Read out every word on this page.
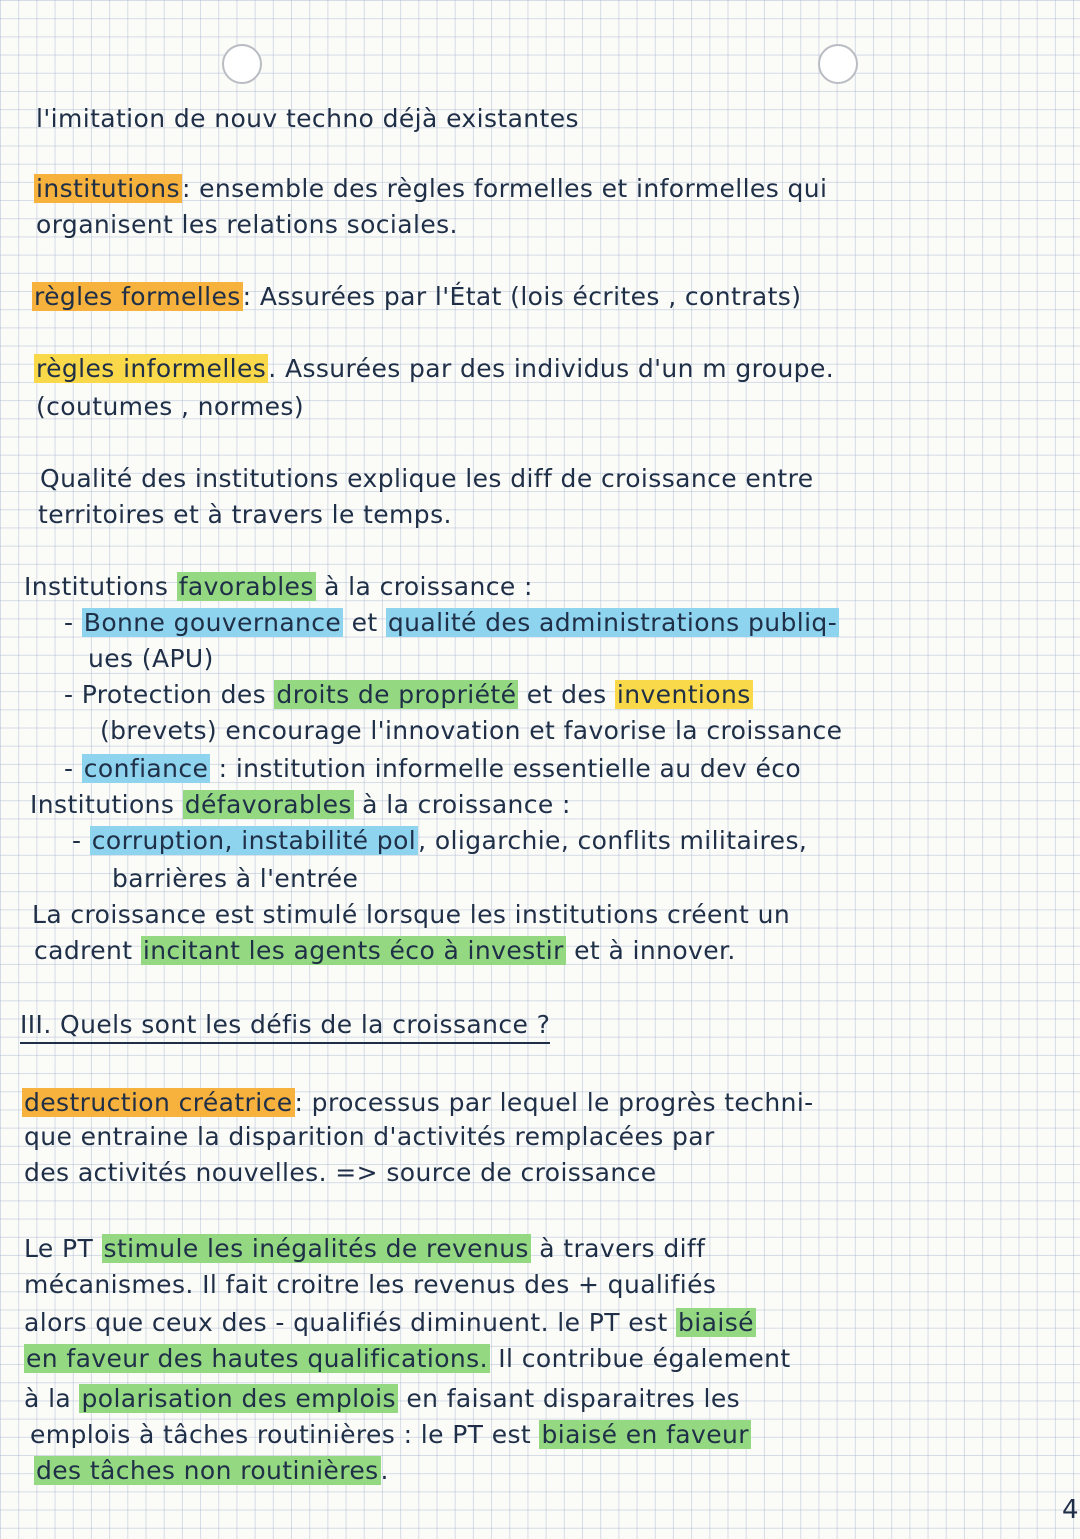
l'imitation de nouv techno déjà existantes
institutions: ensemble des règles formelles et informelles qui
organisent les relations sociales.
règles formelles: Assurées par l'État (lois écrites , contrats)
règles informelles. Assurées par des individus d'un m groupe.
(coutumes , normes)
Qualité des institutions explique les diff de croissance entre
territoires et à travers le temps.
Institutions favorables à la croissance :
- Bonne gouvernance et qualité des administrations publiq-
ues (APU)
- Protection des droits de propriété et des inventions
(brevets) encourage l'innovation et favorise la croissance
- confiance : institution informelle essentielle au dev éco
Institutions défavorables à la croissance :
- corruption, instabilité pol, oligarchie, conflits militaires,
barrières à l'entrée
La croissance est stimulé lorsque les institutions créent un
cadrent incitant les agents éco à investir et à innover.
III. Quels sont les défis de la croissance ?
destruction créatrice: processus par lequel le progrès techni-
que entraine la disparition d'activités remplacées par
des activités nouvelles. => source de croissance
Le PT stimule les inégalités de revenus à travers diff
mécanismes. Il fait croitre les revenus des + qualifiés
alors que ceux des - qualifiés diminuent. le PT est biaisé
en faveur des hautes qualifications. Il contribue également
à la polarisation des emplois en faisant disparaitres les
emplois à tâches routinières : le PT est biaisé en faveur
des tâches non routinières.
4
